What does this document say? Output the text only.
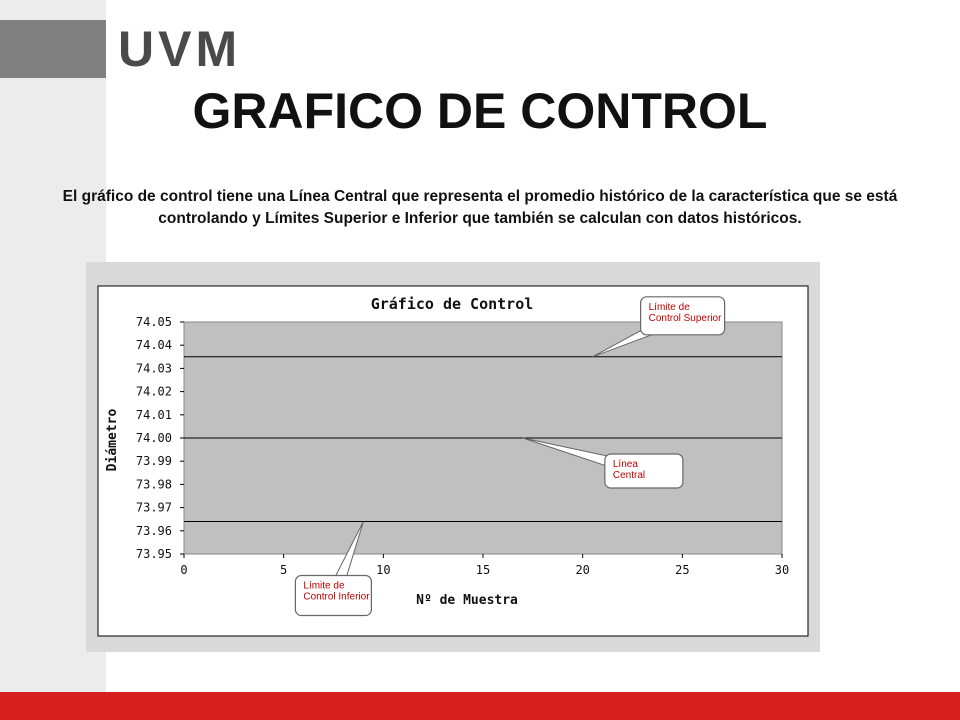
UVM
GRAFICO DE CONTROL
El gráfico de control tiene una Línea Central que representa el promedio histórico de la característica que se está controlando y Límites Superior e Inferior que también se calculan con datos históricos.
Gráfico de Control
73.95
73.96
73.97
73.98
73.99
74.00
74.01
74.02
74.03
74.04
74.05
0	5	10	15	20	25	30
Nº de Muestra
Diámetro
Límite de Control Superior
Línea Central
Límite de Control Inferior
